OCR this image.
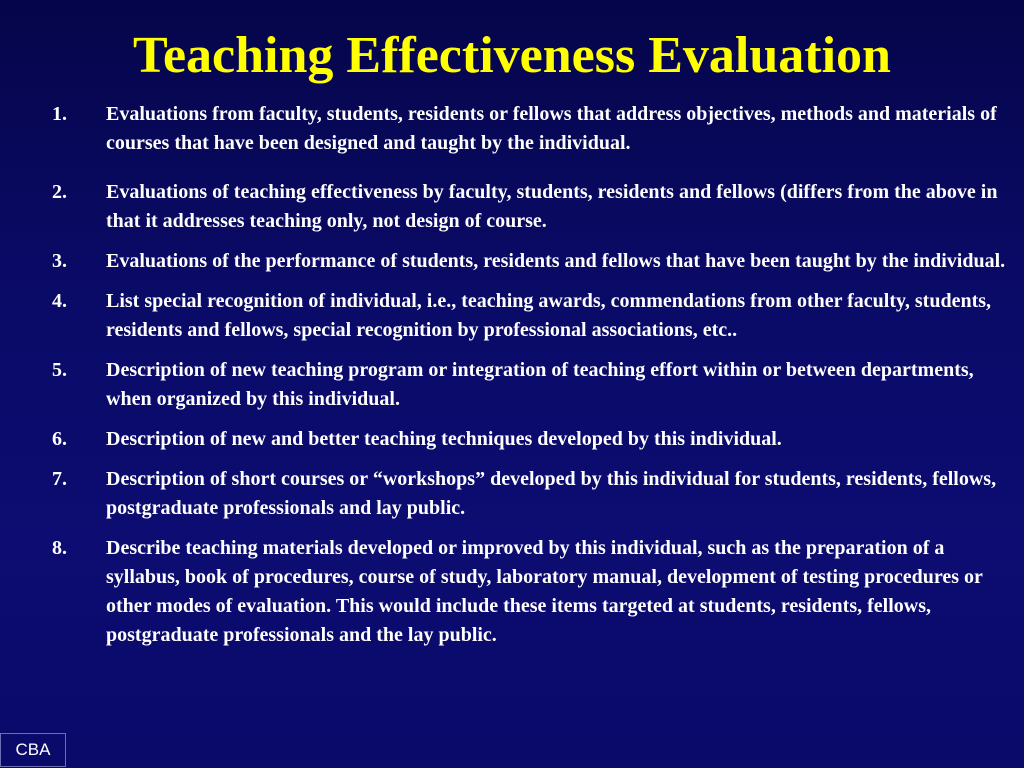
Teaching Effectiveness Evaluation
1.	Evaluations from faculty, students, residents or fellows that address objectives, methods and materials of courses that have been designed and taught by the individual.
2.	Evaluations of teaching effectiveness by faculty, students, residents and fellows (differs from the above in that it addresses teaching only, not design of course.
3.	Evaluations of the performance of students, residents and fellows that have been taught by the individual.
4.	List special recognition of individual, i.e., teaching awards, commendations from other faculty, students, residents and fellows, special recognition by professional associations, etc..
5.	Description of new teaching program or integration of teaching effort within or between departments, when organized by this individual.
6.	Description of new and better teaching techniques developed by this individual.
7.	Description of short courses or “workshops” developed by this individual for students, residents, fellows, postgraduate professionals and lay public.
8.	Describe teaching materials developed or improved by this individual, such as the preparation of a syllabus, book of procedures, course of study, laboratory manual, development of testing procedures or other modes of evaluation. This would include these items targeted at students, residents, fellows, postgraduate professionals and the lay public.
CBA
